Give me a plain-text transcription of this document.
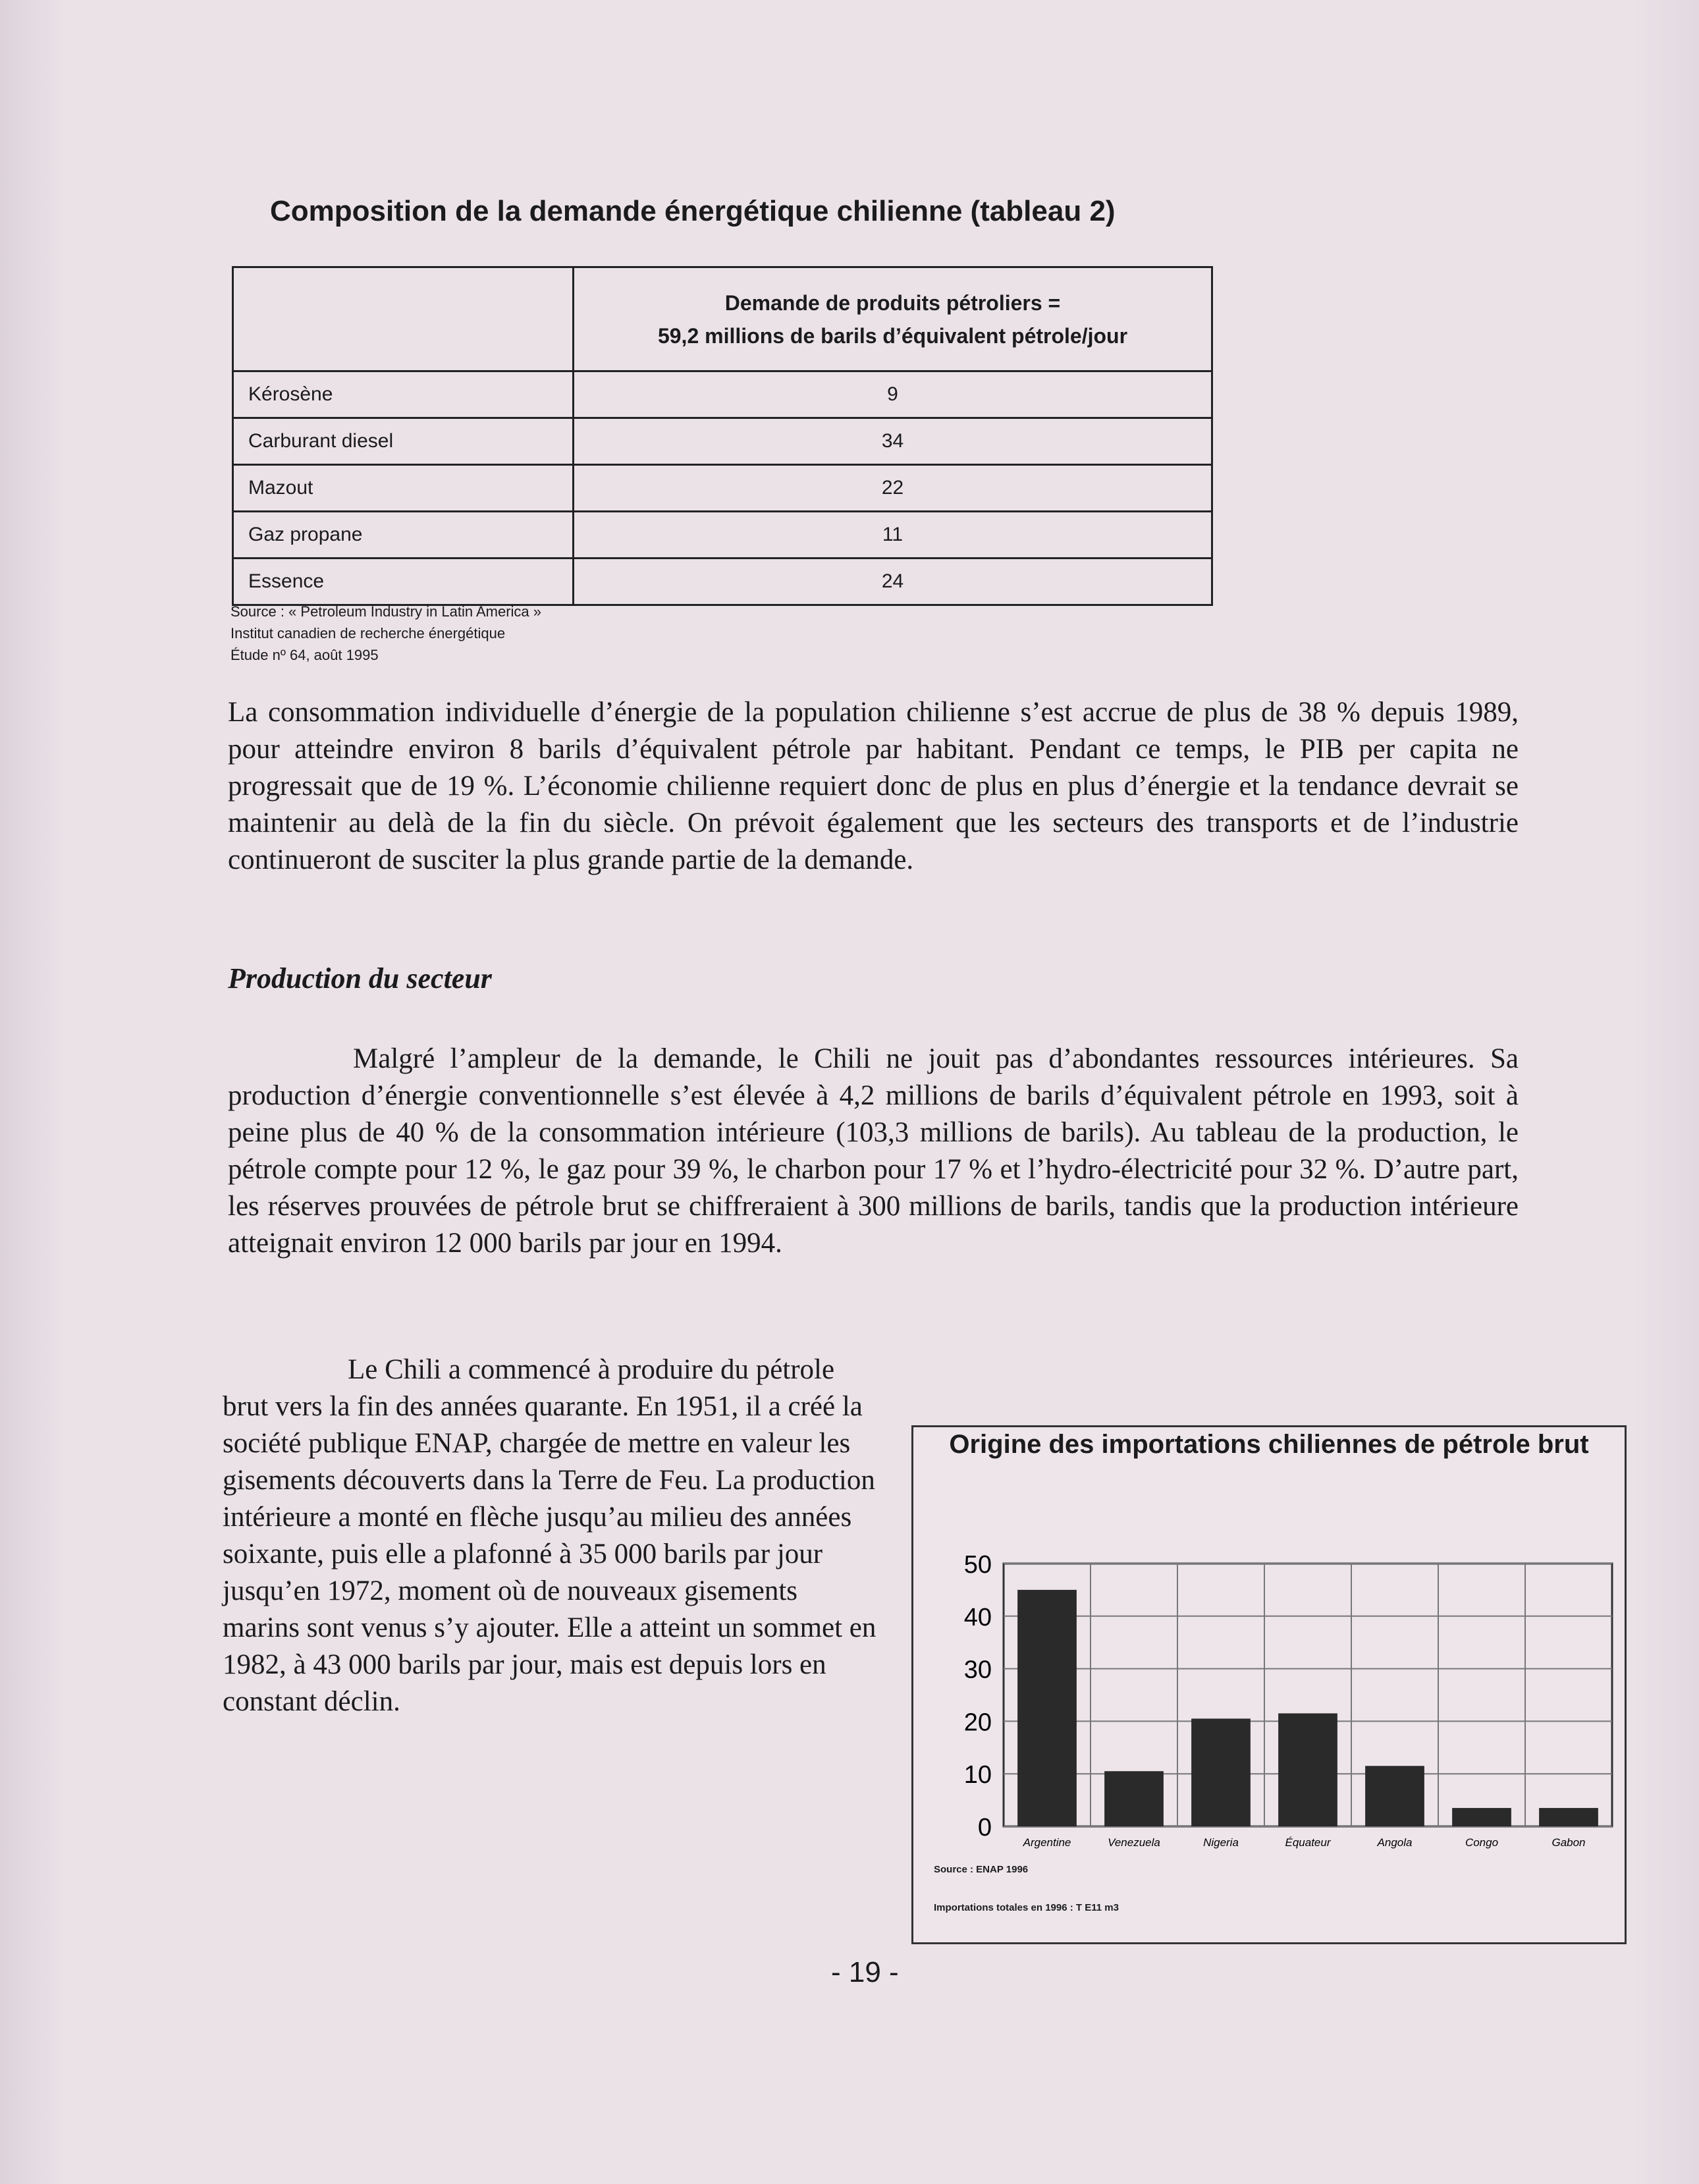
Composition de la demande énergétique chilienne (tableau 2)
	Demande de produits pétroliers =
59,2 millions de barils d’équivalent pétrole/jour
Kérosène	9
Carburant diesel	34
Mazout	22
Gaz propane	11
Essence	24
Source : « Petroleum Industry in Latin America »
Institut canadien de recherche énergétique
Étude nº 64, août 1995
La consommation individuelle d’énergie de la population chilienne s’est accrue de plus de 38 % depuis 1989, pour atteindre environ 8 barils d’équivalent pétrole par habitant. Pendant ce temps, le PIB per capita ne progressait que de 19 %. L’économie chilienne requiert donc de plus en plus d’énergie et la tendance devrait se maintenir au delà de la fin du siècle. On prévoit également que les secteurs des transports et de l’industrie continueront de susciter la plus grande partie de la demande.
Production du secteur
Malgré l’ampleur de la demande, le Chili ne jouit pas d’abondantes ressources intérieures. Sa production d’énergie conventionnelle s’est élevée à 4,2 millions de barils d’équivalent pétrole en 1993, soit à peine plus de 40 % de la consommation intérieure (103,3 millions de barils). Au tableau de la production, le pétrole compte pour 12 %, le gaz pour 39 %, le charbon pour 17 % et l’hydro-électricité pour 32 %. D’autre part, les réserves prouvées de pétrole brut se chiffreraient à 300 millions de barils, tandis que la production intérieure atteignait environ 12 000 barils par jour en 1994.
Le Chili a commencé à produire du pétrole brut vers la fin des années quarante. En 1951, il a créé la société publique ENAP, chargée de mettre en valeur les gisements découverts dans la Terre de Feu. La production intérieure a monté en flèche jusqu’au milieu des années soixante, puis elle a plafonné à 35 000 barils par jour jusqu’en 1972, moment où de nouveaux gisements marins sont venus s’y ajouter. Elle a atteint un sommet en 1982, à 43 000 barils par jour, mais est depuis lors en constant déclin.
Origine des importations chiliennes de pétrole brut
0
10
20
30
40
50
Argentine	Venezuela	Nigeria	Équateur	Angola	Congo	Gabon
Source : ENAP 1996
Importations totales en 1996 : T E11 m3
- 19 -
